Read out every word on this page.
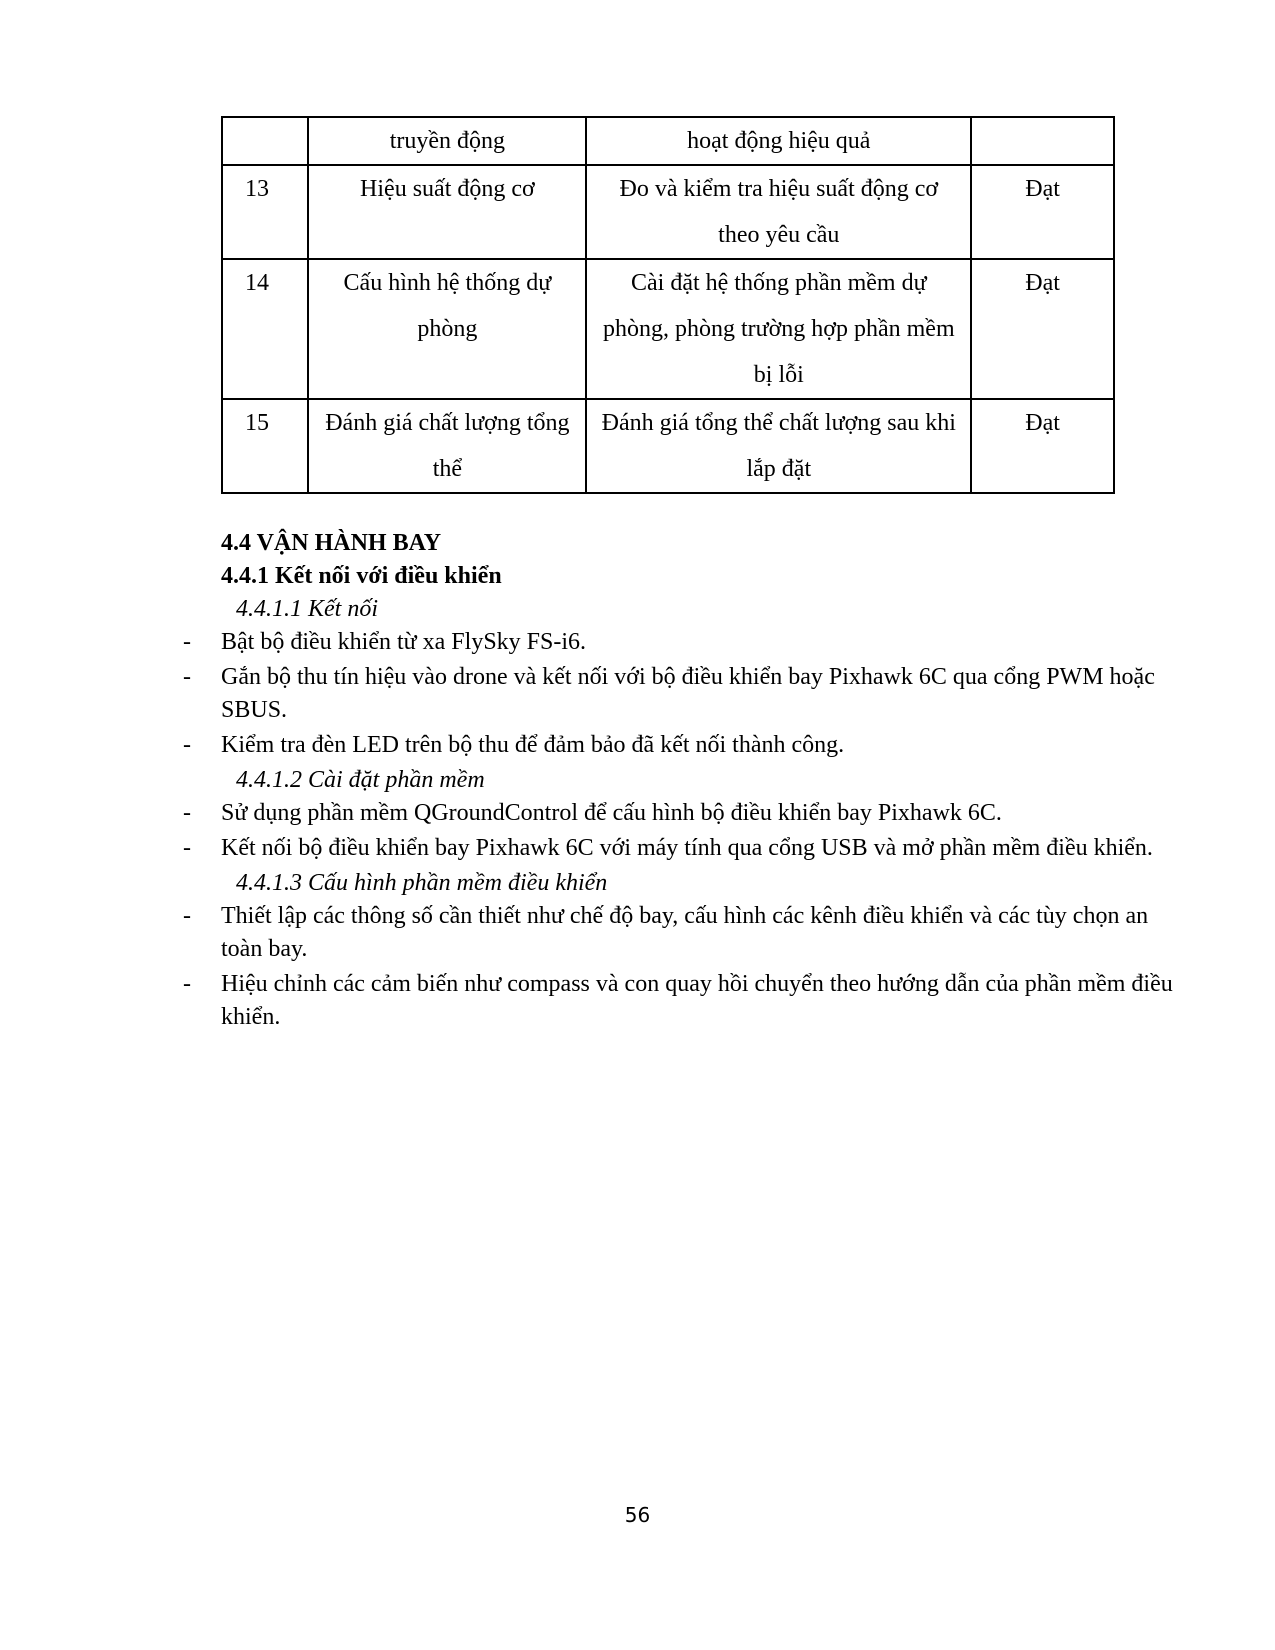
	truyền động	hoạt động hiệu quả	
13	Hiệu suất động cơ	Đo và kiểm tra hiệu suất động cơ theo yêu cầu	Đạt
14	Cấu hình hệ thống dự phòng	Cài đặt hệ thống phần mềm dự phòng, phòng trường hợp phần mềm bị lỗi	Đạt
15	Đánh giá chất lượng tổng thể	Đánh giá tổng thể chất lượng sau khi lắp đặt	Đạt
4.4 VẬN HÀNH BAY
4.4.1 Kết nối với điều khiển
4.4.1.1 Kết nối
- Bật bộ điều khiển từ xa FlySky FS-i6.
- Gắn bộ thu tín hiệu vào drone và kết nối với bộ điều khiển bay Pixhawk 6C qua cổng PWM hoặc SBUS.
- Kiểm tra đèn LED trên bộ thu để đảm bảo đã kết nối thành công.
4.4.1.2 Cài đặt phần mềm
- Sử dụng phần mềm QGroundControl để cấu hình bộ điều khiển bay Pixhawk 6C.
- Kết nối bộ điều khiển bay Pixhawk 6C với máy tính qua cổng USB và mở phần mềm điều khiển.
4.4.1.3 Cấu hình phần mềm điều khiển
- Thiết lập các thông số cần thiết như chế độ bay, cấu hình các kênh điều khiển và các tùy chọn an toàn bay.
- Hiệu chỉnh các cảm biến như compass và con quay hồi chuyển theo hướng dẫn của phần mềm điều khiển.
56
